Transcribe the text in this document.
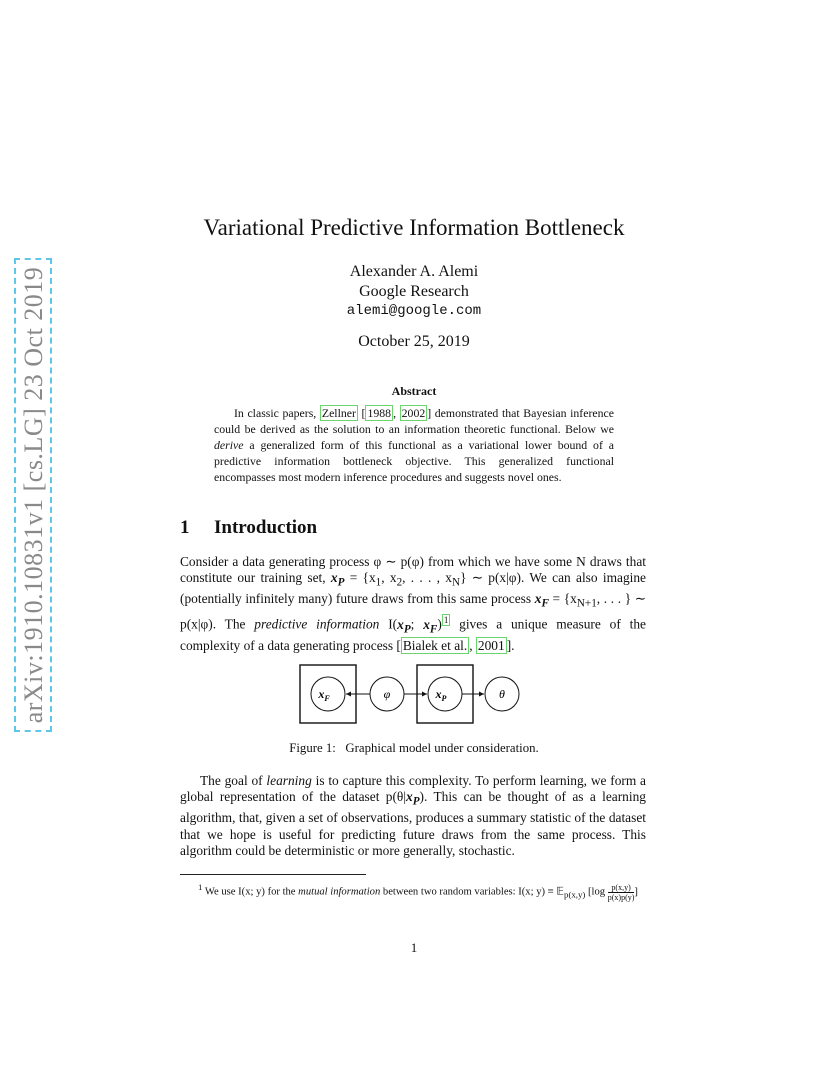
arXiv:1910.10831v1 [cs.LG] 23 Oct 2019
Variational Predictive Information Bottleneck
Alexander A. Alemi
Google Research
alemi@google.com
October 25, 2019
Abstract
In classic papers, Zellner [ 1988 , 2002 ] demonstrated that Bayesian inference could be derived as the solution to an information theoretic functional. Below we derive a generalized form of this functional as a variational lower bound of a predictive information bottleneck objective. This generalized functional encompasses most modern inference procedures and suggests novel ones.
1 Introduction
Consider a data generating process φ ∼ p(φ) from which we have some N draws that constitute our training set, $x_P = \{x_1$, $x_2$, . . . , $x_N$} ∼ p(x|φ). We can also imagine (potentially infinitely many) future draws from this same process $x_F = \{x_{N+1}$, . . . } ∼ p(x|φ). The predictive information $I(x_P$; $x_F$) $^1$ gives a unique measure of the complexity of a data generating process [ Bialek et al. , 2001 ].
$x_F$	φ	$x_P$	θ
Figure 1:   Graphical model under consideration.
The goal of learning is to capture this complexity. To perform learning, we form a global representation of the dataset $p(\theta|x_P)$. This can be thought of as a learning algorithm, that, given a set of observations, produces a summary statistic of the dataset that we hope is useful for predicting future draws from the same process. This algorithm could be deterministic or more generally, stochastic.
$^1$ We use I(x; y) for the mutual information between two random variables: I(x; y) ≡ 𝔼$_{p(x,y)}$ [$\log \frac{p(x,y)}{p(x)p(y)}$ ]
1
